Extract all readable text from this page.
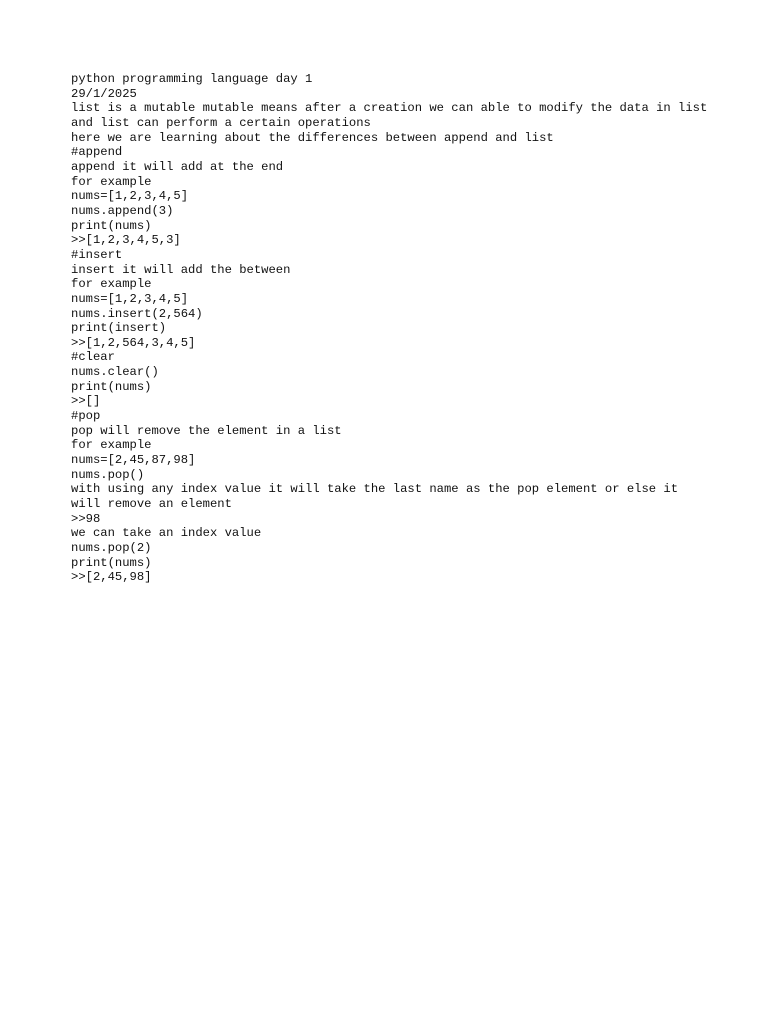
python programming language day 1
29/1/2025
list is a mutable mutable means after a creation we can able to modify the data in list and list can perform a certain operations
here we are learning about the differences between append and list
#append
append it will add at the end
for example
nums=[1,2,3,4,5]
nums.append(3)
print(nums)
>>[1,2,3,4,5,3]
#insert
insert it will add the between
for example
nums=[1,2,3,4,5]
nums.insert(2,564)
print(insert)
>>[1,2,564,3,4,5]
#clear
nums.clear()
print(nums)
>>[]
#pop
pop will remove the element in a list
for example
nums=[2,45,87,98]
nums.pop()
with using any index value it will take the last name as the pop element or else it will remove an element
>>98
we can take an index value
nums.pop(2)
print(nums)
>>[2,45,98]
